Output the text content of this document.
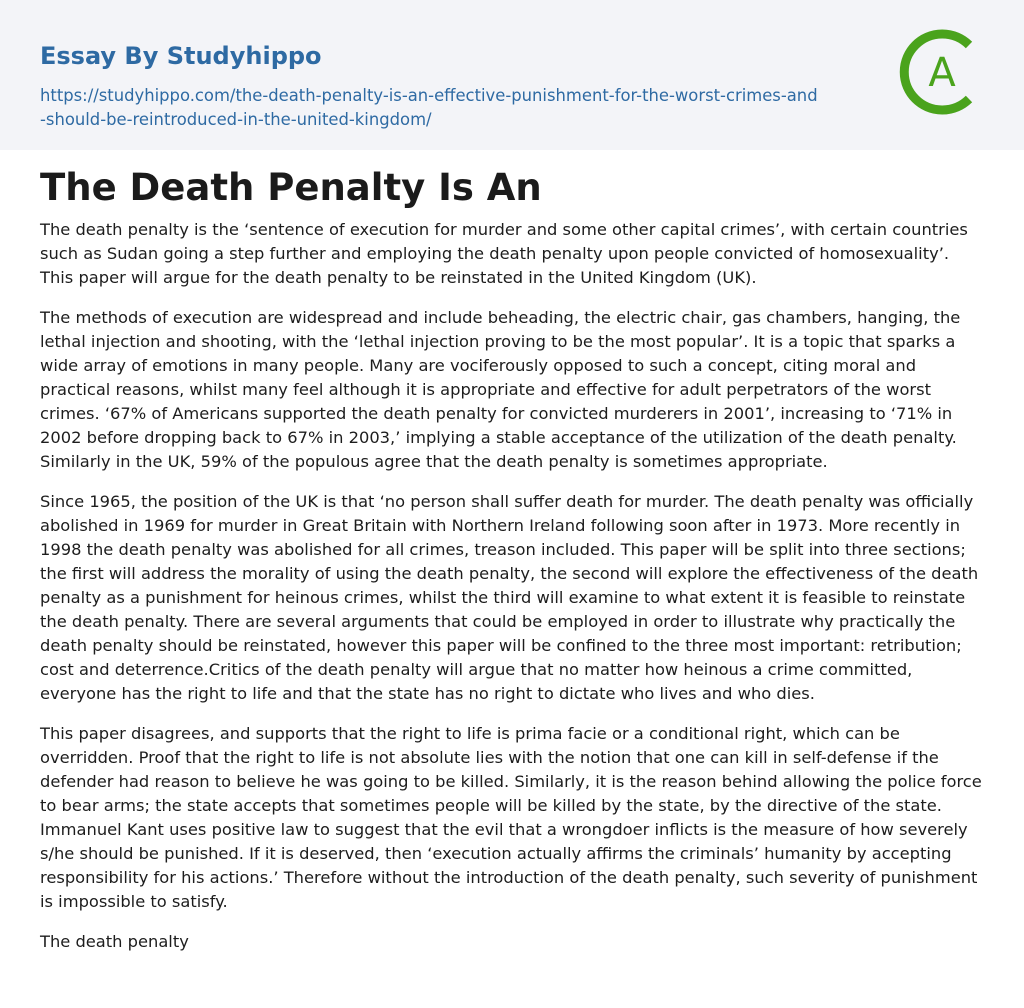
Essay By Studyhippo
https://studyhippo.com/the-death-penalty-is-an-effective-punishment-for-the-worst-crimes-and-should-be-reintroduced-in-the-united-kingdom/
A
The Death Penalty Is An

The death penalty is the ‘sentence of execution for murder and some other capital crimes’, with certain countries such as Sudan going a step further and employing the death penalty upon people convicted of homosexuality’. This paper will argue for the death penalty to be reinstated in the United Kingdom (UK).

The methods of execution are widespread and include beheading, the electric chair, gas chambers, hanging, the lethal injection and shooting, with the ‘lethal injection proving to be the most popular’. It is a topic that sparks a wide array of emotions in many people. Many are vociferously opposed to such a concept, citing moral and practical reasons, whilst many feel although it is appropriate and effective for adult perpetrators of the worst crimes. ‘67% of Americans supported the death penalty for convicted murderers in 2001’, increasing to ‘71% in 2002 before dropping back to 67% in 2003,’ implying a stable acceptance of the utilization of the death penalty. Similarly in the UK, 59% of the populous agree that the death penalty is sometimes appropriate.

Since 1965, the position of the UK is that ‘no person shall suffer death for murder. The death penalty was officially abolished in 1969 for murder in Great Britain with Northern Ireland following soon after in 1973. More recently in 1998 the death penalty was abolished for all crimes, treason included. This paper will be split into three sections; the first will address the morality of using the death penalty, the second will explore the effectiveness of the death penalty as a punishment for heinous crimes, whilst the third will examine to what extent it is feasible to reinstate the death penalty. There are several arguments that could be employed in order to illustrate why practically the death penalty should be reinstated, however this paper will be confined to the three most important: retribution; cost and deterrence.Critics of the death penalty will argue that no matter how heinous a crime committed, everyone has the right to life and that the state has no right to dictate who lives and who dies.

This paper disagrees, and supports that the right to life is prima facie or a conditional right, which can be overridden. Proof that the right to life is not absolute lies with the notion that one can kill in self-defense if the defender had reason to believe he was going to be killed. Similarly, it is the reason behind allowing the police force to bear arms; the state accepts that sometimes people will be killed by the state, by the directive of the state. Immanuel Kant uses positive law to suggest that the evil that a wrongdoer inflicts is the measure of how severely s/he should be punished. If it is deserved, then ‘execution actually affirms the criminals’ humanity by accepting responsibility for his actions.’ Therefore without the introduction of the death penalty, such severity of punishment is impossible to satisfy.

The death penalty
